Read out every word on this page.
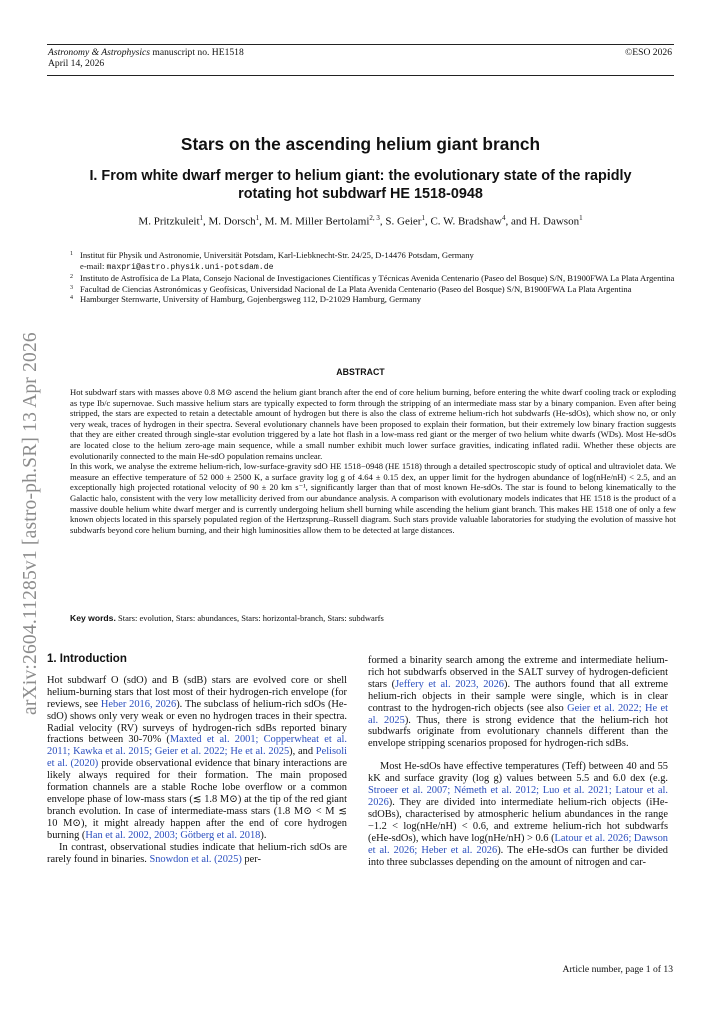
Astronomy & Astrophysics manuscript no. HE1518
April 14, 2026
©ESO 2026
arXiv:2604.11285v1 [astro-ph.SR] 13 Apr 2026
Stars on the ascending helium giant branch
I. From white dwarf merger to helium giant: the evolutionary state of the rapidly
rotating hot subdwarf HE 1518-0948
M. Pritzkuleit$^1$, M. Dorsch$^1$, M. M. Miller Bertolami$^{2, 3}$, S. Geier$^1$, C. W. Bradshaw$^4$, and H. Dawson$^1$
1 Institut für Physik und Astronomie, Universität Potsdam, Karl-Liebknecht-Str. 24/25, D-14476 Potsdam, Germany
e-mail: maxpri@astro.physik.uni-potsdam.de
2 Instituto de Astrofísica de La Plata, Consejo Nacional de Investigaciones Científicas y Técnicas Avenida Centenario (Paseo del Bosque) S/N, B1900FWA La Plata Argentina
3 Facultad de Ciencias Astronómicas y Geofísicas, Universidad Nacional de La Plata Avenida Centenario (Paseo del Bosque) S/N, B1900FWA La Plata Argentina
4 Hamburger Sternwarte, University of Hamburg, Gojenbergsweg 112, D-21029 Hamburg, Germany
ABSTRACT

Hot subdwarf stars with masses above 0.8 M⊙ ascend the helium giant branch after the end of core helium burning, before entering the white dwarf cooling track or exploding as type Ib/c supernovae. Such massive helium stars are typically expected to form through the stripping of an intermediate mass star by a binary companion. Even after being stripped, the stars are expected to retain a detectable amount of hydrogen but there is also the class of extreme helium-rich hot subdwarfs (He-sdOs), which show no, or only very weak, traces of hydrogen in their spectra. Several evolutionary channels have been proposed to explain their formation, but their extremely low binary fraction suggests that they are either created through single-star evolution triggered by a late hot flash in a low-mass red giant or the merger of two helium white dwarfs (WDs). Most He-sdOs are located close to the helium zero-age main sequence, while a small number exhibit much lower surface gravities, indicating inflated radii. Whether these objects are evolutionarily connected to the main He-sdO population remains unclear.

In this work, we analyse the extreme helium-rich, low-surface-gravity sdO HE 1518−0948 (HE 1518) through a detailed spectroscopic study of optical and ultraviolet data. We measure an effective temperature of 52 000 ± 2500 K, a surface gravity log g of 4.64 ± 0.15 dex, an upper limit for the hydrogen abundance of log(nHe/nH) < 2.5, and an exceptionally high projected rotational velocity of 90 ± 20 km s⁻¹, significantly larger than that of most known He-sdOs. The star is found to belong kinematically to the Galactic halo, consistent with the very low metallicity derived from our abundance analysis. A comparison with evolutionary models indicates that HE 1518 is the product of a massive double helium white dwarf merger and is currently undergoing helium shell burning while ascending the helium giant branch. This makes HE 1518 one of only a few known objects located in this sparsely populated region of the Hertzsprung–Russell diagram. Such stars provide valuable laboratories for studying the evolution of massive hot subdwarfs beyond core helium burning, and their high luminosities allow them to be detected at large distances.

Key words. Stars: evolution, Stars: abundances, Stars: horizontal-branch, Stars: subdwarfs
1. Introduction

Hot subdwarf O (sdO) and B (sdB) stars are evolved core or shell helium-burning stars that lost most of their hydrogen-rich envelope (for reviews, see Heber 2016, 2026). The subclass of helium-rich sdOs (He-sdO) shows only very weak or even no hydrogen traces in their spectra. Radial velocity (RV) surveys of hydrogen-rich sdBs reported binary fractions between 30-70% (Maxted et al. 2001; Copperwheat et al. 2011; Kawka et al. 2015; Geier et al. 2022; He et al. 2025), and Pelisoli et al. (2020) provide observational evidence that binary interactions are likely always required for their formation. The main proposed formation channels are a stable Roche lobe overflow or a common envelope phase of low-mass stars (≲ 1.8 M⊙) at the tip of the red giant branch evolution. In case of intermediate-mass stars (1.8 M⊙ < M ≲ 10 M⊙), it might already happen after the end of core hydrogen burning (Han et al. 2002, 2003; Götberg et al. 2018).

In contrast, observational studies indicate that helium-rich sdOs are rarely found in binaries. Snowdon et al. (2025) per-

formed a binarity search among the extreme and intermediate helium-rich hot subdwarfs observed in the SALT survey of hydrogen-deficient stars (Jeffery et al. 2023, 2026). The authors found that all extreme helium-rich objects in their sample were single, which is in clear contrast to the hydrogen-rich objects (see also Geier et al. 2022; He et al. 2025). Thus, there is strong evidence that the helium-rich hot subdwarfs originate from evolutionary channels different than the envelope stripping scenarios proposed for hydrogen-rich sdBs.

Most He-sdOs have effective temperatures (Teff) between 40 and 55 kK and surface gravity (log g) values between 5.5 and 6.0 dex (e.g. Stroeer et al. 2007; Németh et al. 2012; Luo et al. 2021; Latour et al. 2026). They are divided into intermediate helium-rich objects (iHe-sdOBs), characterised by atmospheric helium abundances in the range −1.2 < log(nHe/nH) < 0.6, and extreme helium-rich hot subdwarfs (eHe-sdOs), which have log(nHe/nH) > 0.6 (Latour et al. 2026; Dawson et al. 2026; Heber et al. 2026). The eHe-sdOs can further be divided into three subclasses depending on the amount of nitrogen and car-

Article number, page 1 of 13
